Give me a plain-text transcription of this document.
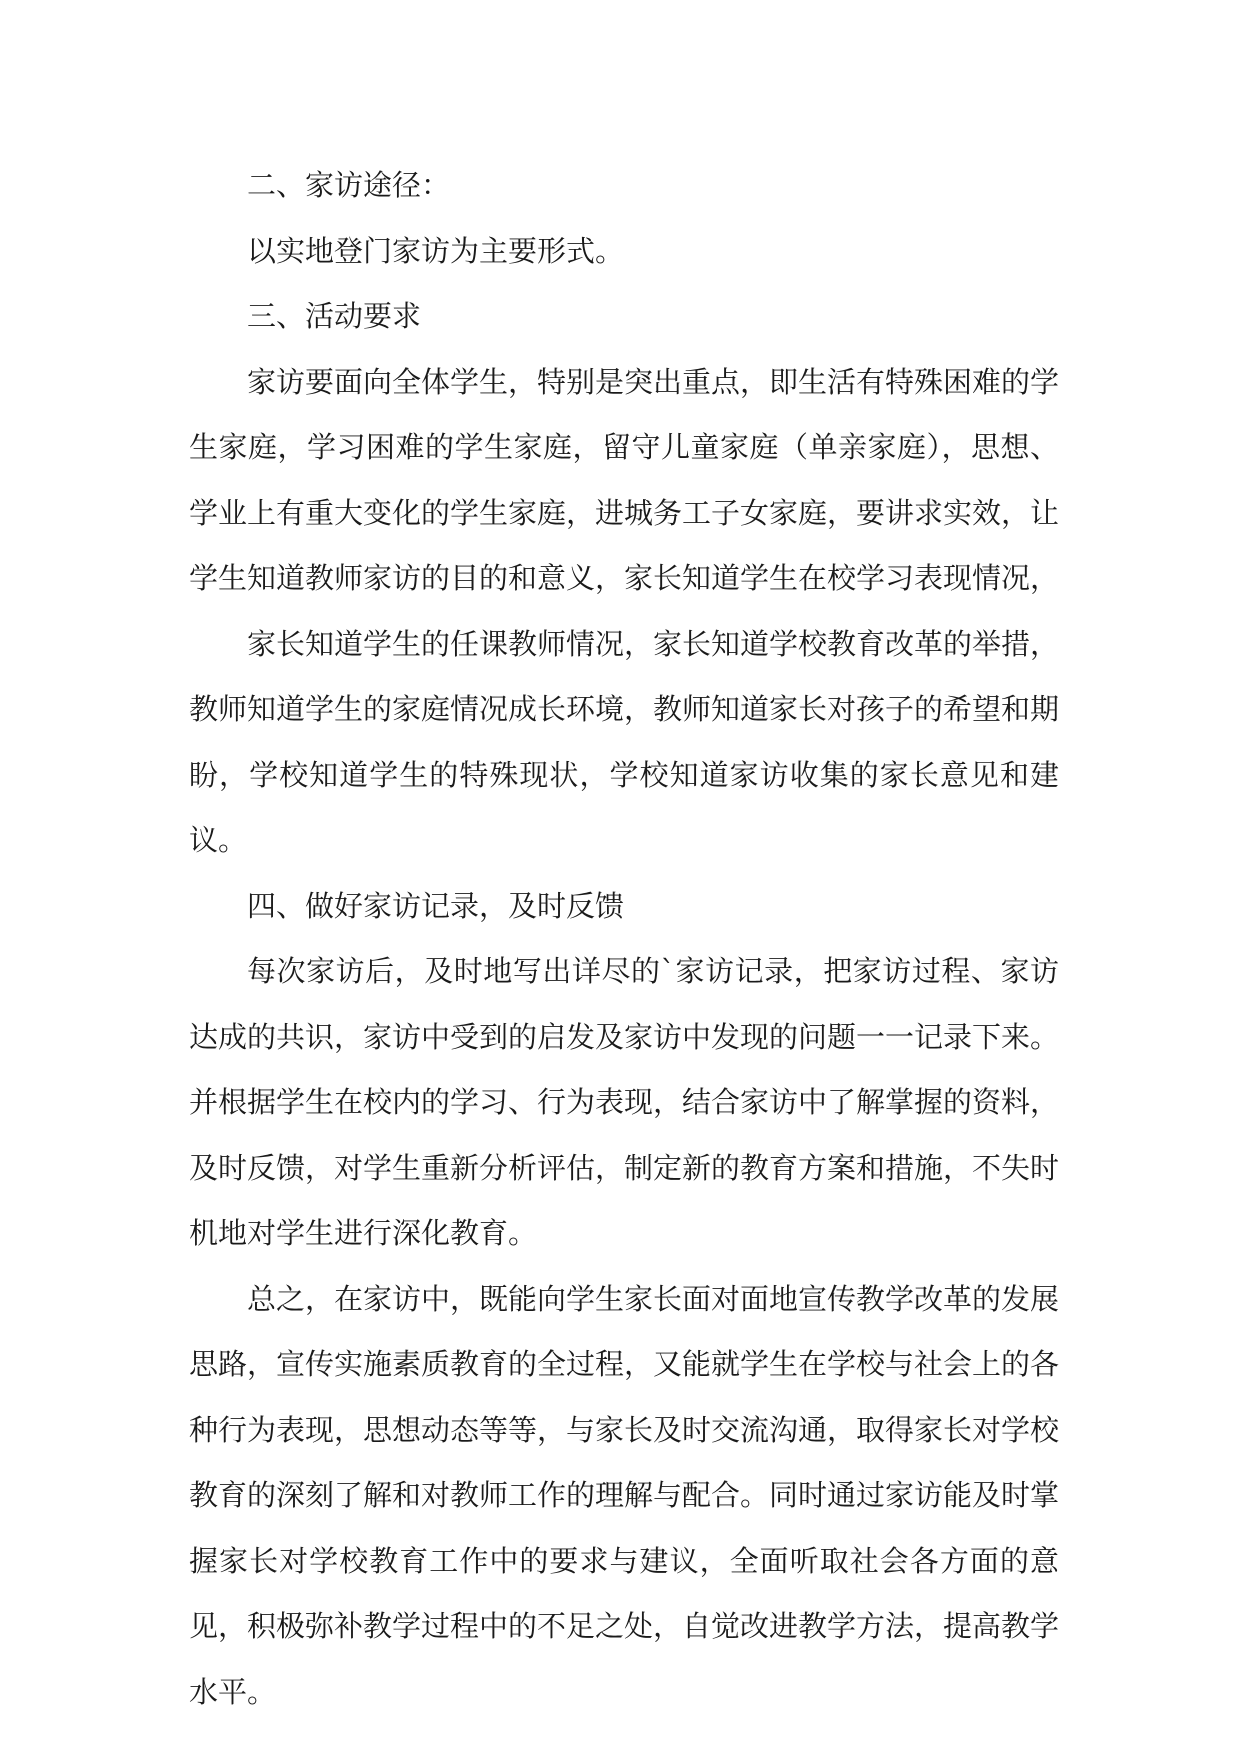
二、家访途径：

以实地登门家访为主要形式。

三、活动要求

家访要面向全体学生，特别是突出重点，即生活有特殊困难的学生家庭，学习困难的学生家庭，留守儿童家庭（单亲家庭），思想、学业上有重大变化的学生家庭，进城务工子女家庭，要讲求实效，让学生知道教师家访的目的和意义，家长知道学生在校学习表现情况，

家长知道学生的任课教师情况，家长知道学校教育改革的举措，教师知道学生的家庭情况成长环境，教师知道家长对孩子的希望和期盼，学校知道学生的特殊现状，学校知道家访收集的家长意见和建议。

四、做好家访记录，及时反馈

每次家访后，及时地写出详尽的`家访记录，把家访过程、家访达成的共识，家访中受到的启发及家访中发现的问题一一记录下来。并根据学生在校内的学习、行为表现，结合家访中了解掌握的资料，及时反馈，对学生重新分析评估，制定新的教育方案和措施，不失时机地对学生进行深化教育。

总之，在家访中，既能向学生家长面对面地宣传教学改革的发展思路，宣传实施素质教育的全过程，又能就学生在学校与社会上的各种行为表现，思想动态等等，与家长及时交流沟通，取得家长对学校教育的深刻了解和对教师工作的理解与配合。同时通过家访能及时掌握家长对学校教育工作中的要求与建议，全面听取社会各方面的意见，积极弥补教学过程中的不足之处，自觉改进教学方法，提高教学水平。
